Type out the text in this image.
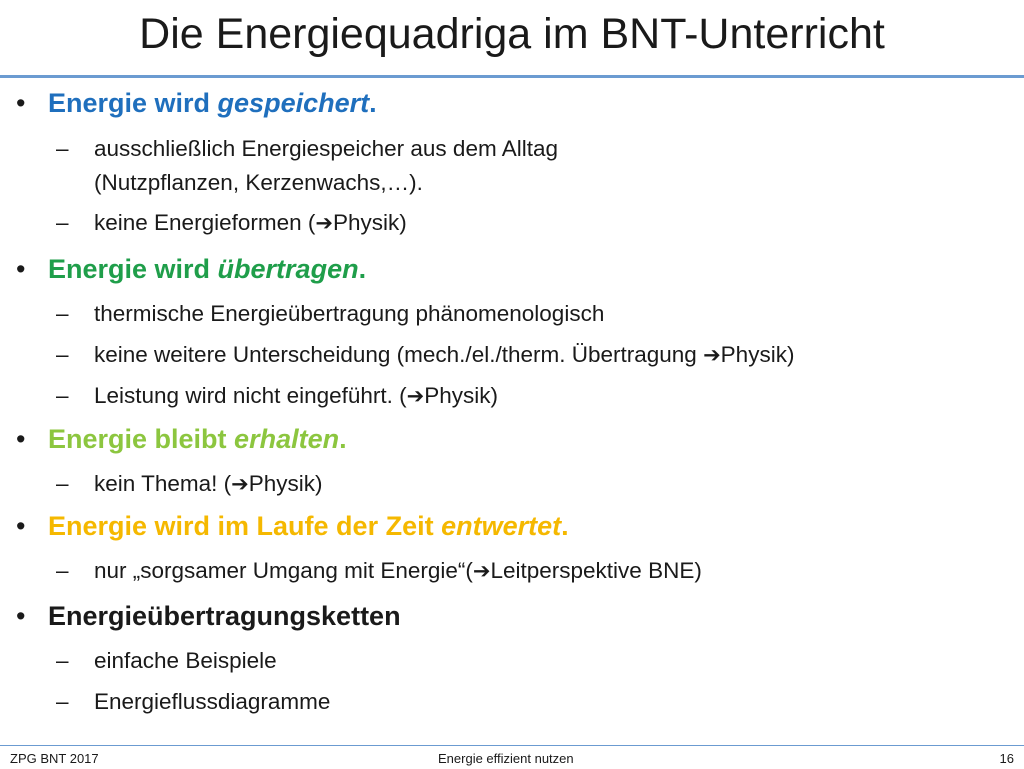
Die Energiequadriga im BNT-Unterricht
• Energie wird gespeichert.
– ausschließlich Energiespeicher aus dem Alltag
(Nutzpflanzen, Kerzenwachs,…).
– keine Energieformen (➔Physik)
• Energie wird übertragen.
– thermische Energieübertragung phänomenologisch
– keine weitere Unterscheidung (mech./el./therm. Übertragung ➔Physik)
– Leistung wird nicht eingeführt. (➔Physik)
• Energie bleibt erhalten.
– kein Thema! (➔Physik)
• Energie wird im Laufe der Zeit entwertet.
– nur „sorgsamer Umgang mit Energie“(➔Leitperspektive BNE)
• Energieübertragungsketten
– einfache Beispiele
– Energieflussdiagramme
ZPG BNT 2017	Energie effizient nutzen	16
